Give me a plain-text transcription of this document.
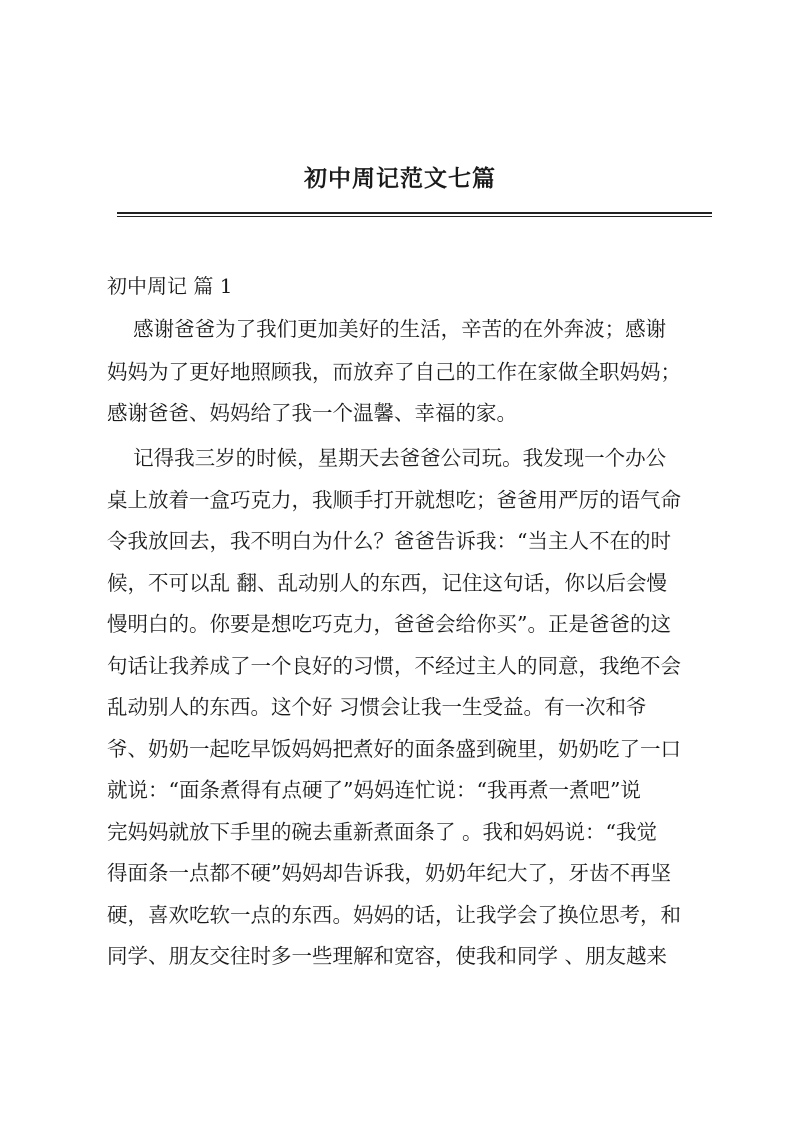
初中周记范文七篇
初中周记 篇 1
感谢爸爸为了我们更加美好的生活，辛苦的在外奔波；感谢
妈妈为了更好地照顾我，而放弃了自己的工作在家做全职妈妈；
感谢爸爸、妈妈给了我一个温馨、幸福的家。
记得我三岁的时候，星期天去爸爸公司玩。我发现一个办公
桌上放着一盒巧克力，我顺手打开就想吃；爸爸用严厉的语气命
令我放回去，我不明白为什么？爸爸告诉我：“当主人不在的时
候，不可以乱 翻、乱动别人的东西，记住这句话，你以后会慢
慢明白的。你要是想吃巧克力，爸爸会给你买”。正是爸爸的这
句话让我养成了一个良好的习惯，不经过主人的同意，我绝不会
乱动别人的东西。这个好 习惯会让我一生受益。有一次和爷
爷、奶奶一起吃早饭妈妈把煮好的面条盛到碗里，奶奶吃了一口
就说：“面条煮得有点硬了”妈妈连忙说：“我再煮一煮吧”说
完妈妈就放下手里的碗去重新煮面条了 。我和妈妈说：“我觉
得面条一点都不硬”妈妈却告诉我，奶奶年纪大了，牙齿不再坚
硬，喜欢吃软一点的东西。妈妈的话，让我学会了换位思考，和
同学、朋友交往时多一些理解和宽容，使我和同学 、朋友越来
